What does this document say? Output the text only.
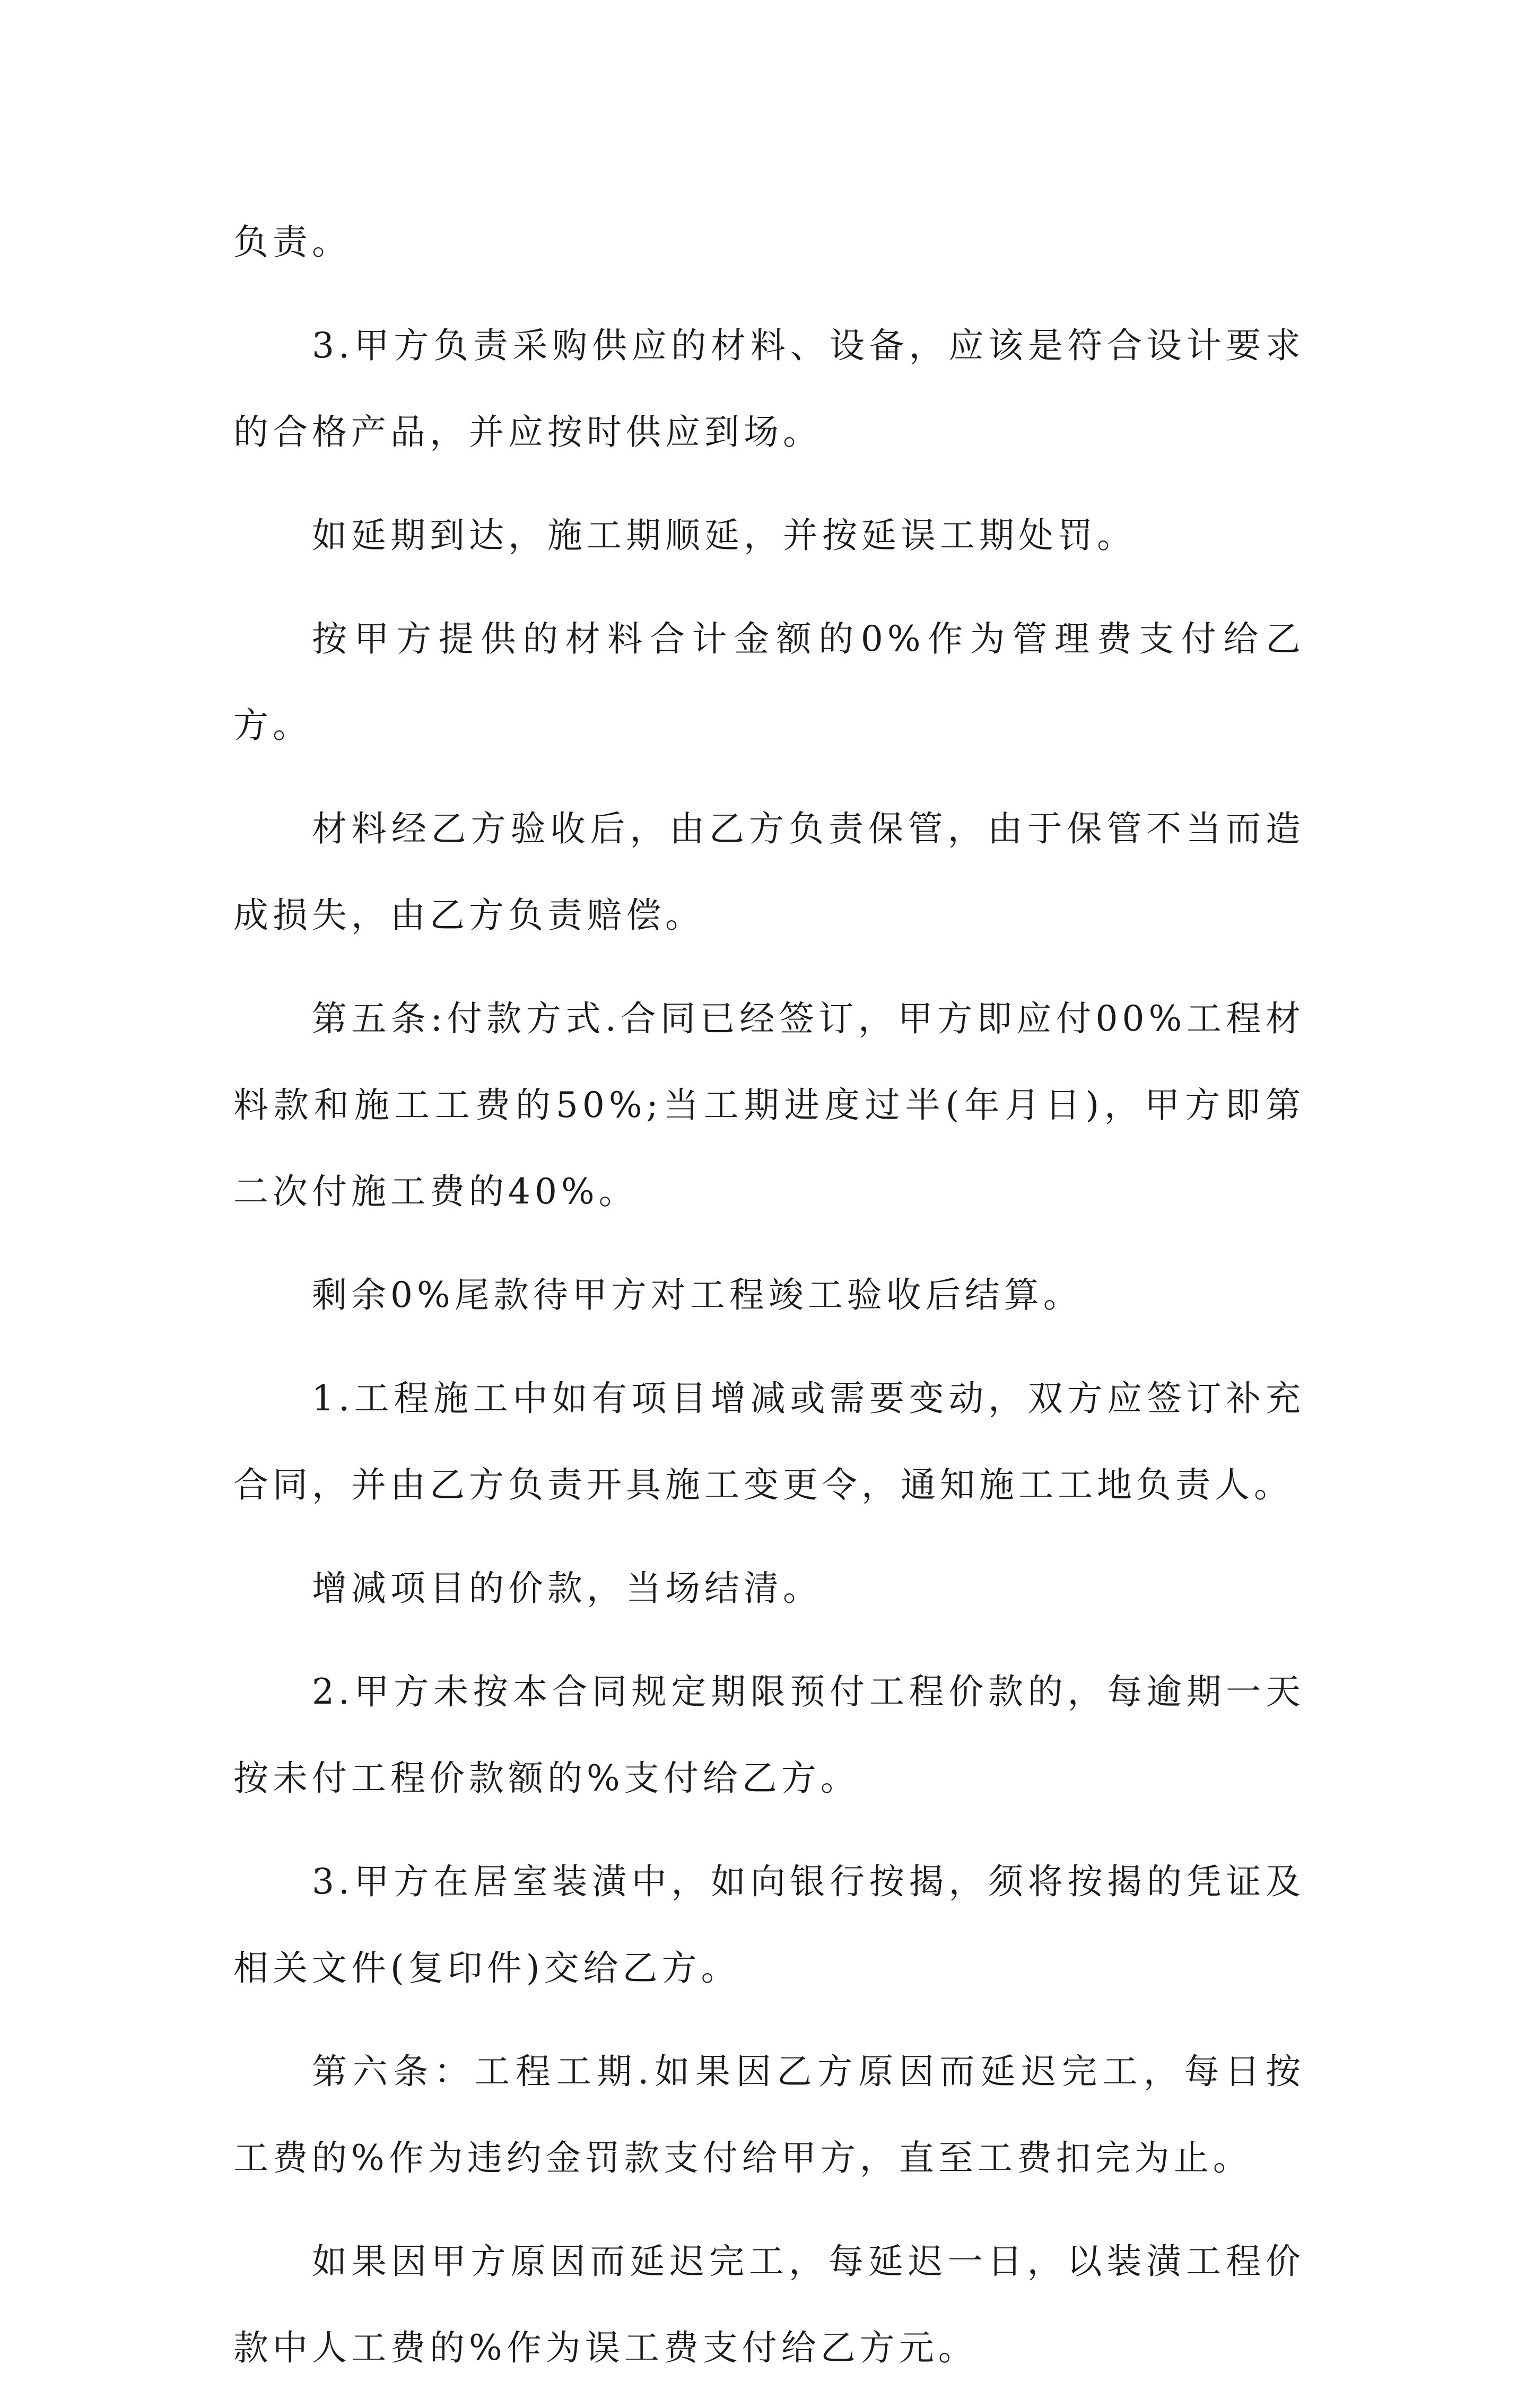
负责。

3.甲方负责采购供应的材料、设备，应该是符合设计要求的合格产品，并应按时供应到场。

如延期到达，施工期顺延，并按延误工期处罚。

按甲方提供的材料合计金额的0%作为管理费支付给乙方。

材料经乙方验收后，由乙方负责保管，由于保管不当而造成损失，由乙方负责赔偿。

第五条:付款方式.合同已经签订，甲方即应付00%工程材料款和施工工费的50%;当工期进度过半(年月日)，甲方即第二次付施工费的40%。

剩余0%尾款待甲方对工程竣工验收后结算。

1.工程施工中如有项目增减或需要变动，双方应签订补充合同，并由乙方负责开具施工变更令，通知施工工地负责人。

增减项目的价款，当场结清。

2.甲方未按本合同规定期限预付工程价款的，每逾期一天按未付工程价款额的%支付给乙方。

3.甲方在居室装潢中，如向银行按揭，须将按揭的凭证及相关文件(复印件)交给乙方。

第六条：工程工期.如果因乙方原因而延迟完工，每日按工费的%作为违约金罚款支付给甲方，直至工费扣完为止。

如果因甲方原因而延迟完工，每延迟一日，以装潢工程价款中人工费的%作为误工费支付给乙方元。
